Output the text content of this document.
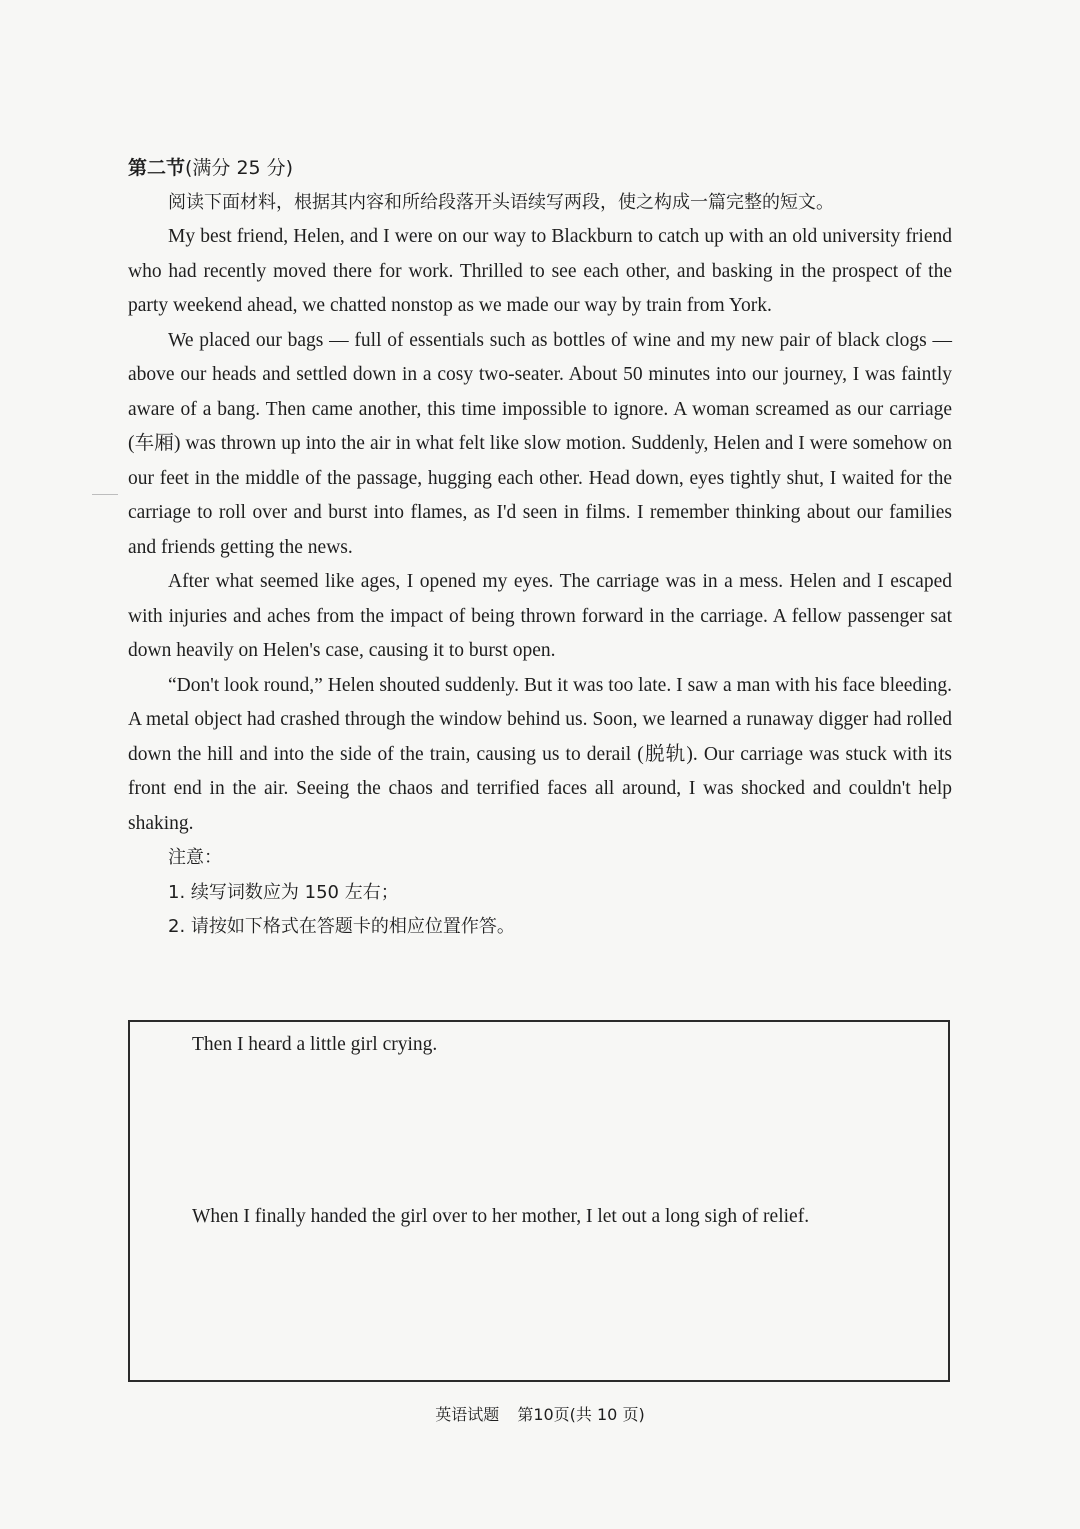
第二节(满分 25 分)

阅读下面材料，根据其内容和所给段落开头语续写两段，使之构成一篇完整的短文。

My best friend, Helen, and I were on our way to Blackburn to catch up with an old university friend who had recently moved there for work. Thrilled to see each other, and basking in the prospect of the party weekend ahead, we chatted nonstop as we made our way by train from York.

We placed our bags — full of essentials such as bottles of wine and my new pair of black clogs — above our heads and settled down in a cosy two-seater. About 50 minutes into our journey, I was faintly aware of a bang. Then came another, this time impossible to ignore. A woman screamed as our carriage (车厢) was thrown up into the air in what felt like slow motion. Suddenly, Helen and I were somehow on our feet in the middle of the passage, hugging each other. Head down, eyes tightly shut, I waited for the carriage to roll over and burst into flames, as I'd seen in films. I remember thinking about our families and friends getting the news.

After what seemed like ages, I opened my eyes. The carriage was in a mess. Helen and I escaped with injuries and aches from the impact of being thrown forward in the carriage. A fellow passenger sat down heavily on Helen's case, causing it to burst open.

“Don't look round,” Helen shouted suddenly. But it was too late. I saw a man with his face bleeding. A metal object had crashed through the window behind us. Soon, we learned a runaway digger had rolled down the hill and into the side of the train, causing us to derail (脱轨). Our carriage was stuck with its front end in the air. Seeing the chaos and terrified faces all around, I was shocked and couldn't help shaking.

注意：

1. 续写词数应为 150 左右；

2. 请按如下格式在答题卡的相应位置作答。

Then I heard a little girl crying.

When I finally handed the girl over to her mother, I let out a long sigh of relief.

英语试题 第10页(共 10 页)
